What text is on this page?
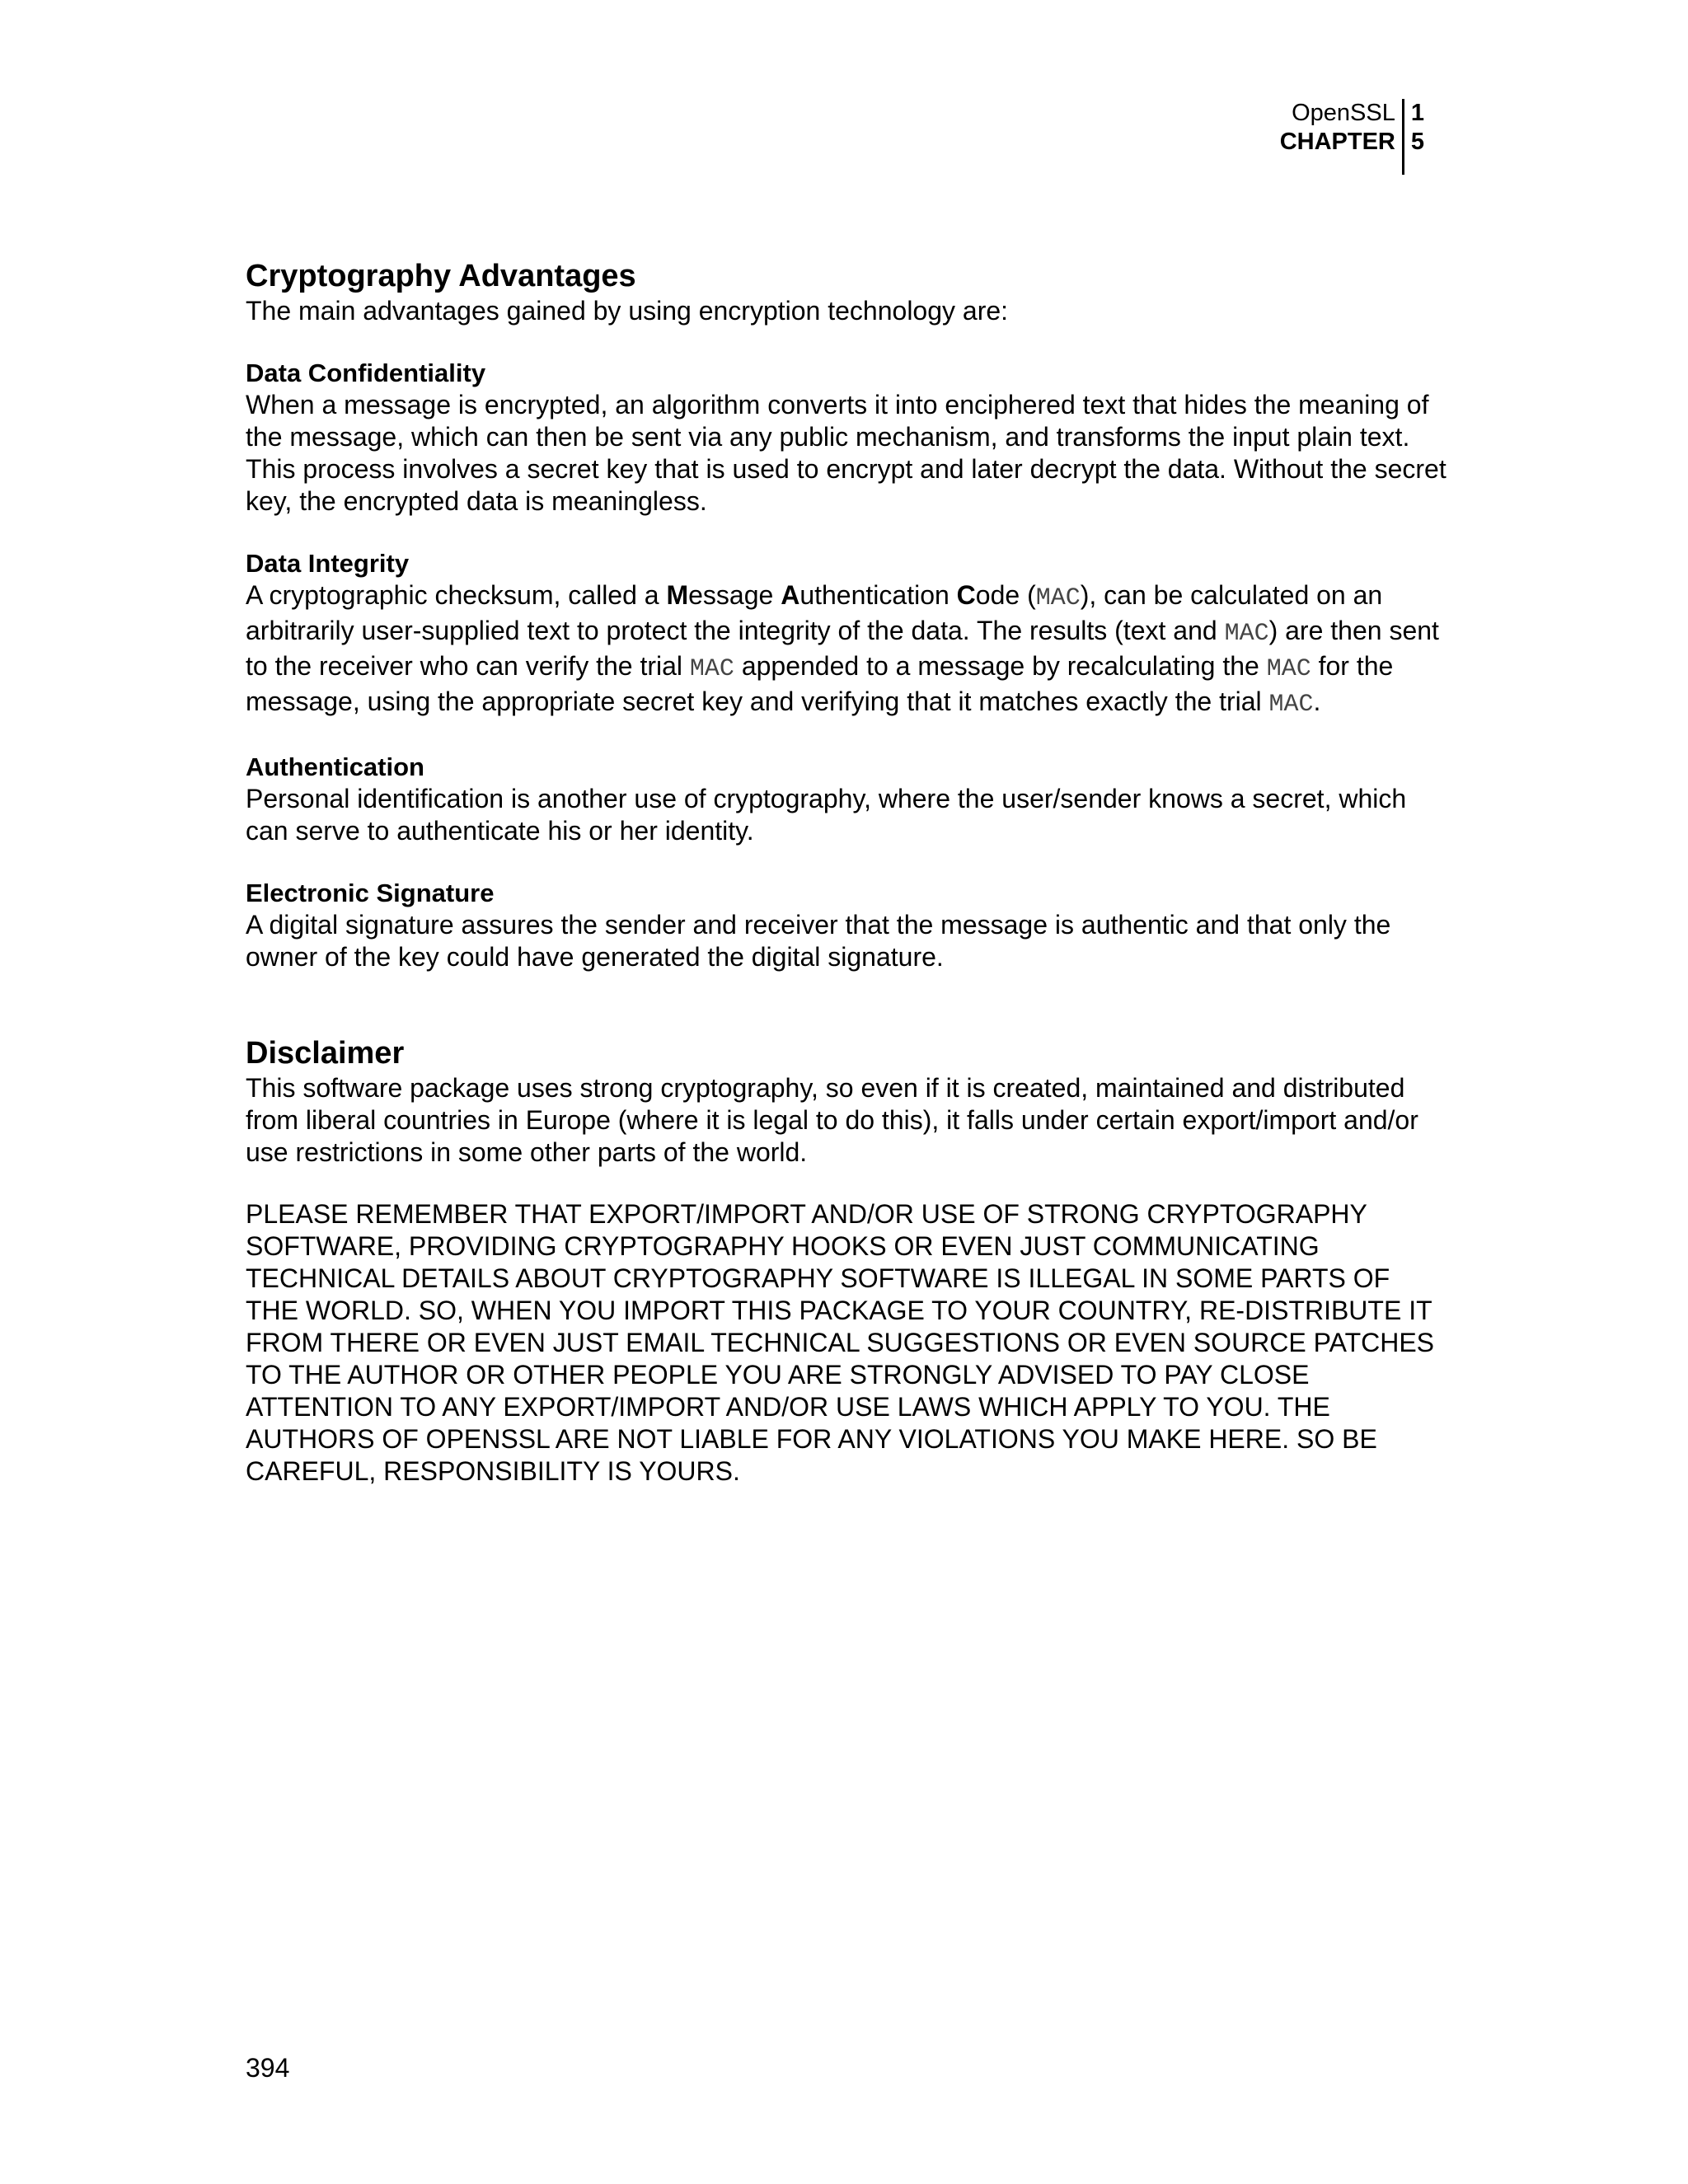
OpenSSL
CHAPTER
1
5
Cryptography Advantages

The main advantages gained by using encryption technology are:

Data Confidentiality

When a message is encrypted, an algorithm converts it into enciphered text that hides the meaning of the message, which can then be sent via any public mechanism, and transforms the input plain text. This process involves a secret key that is used to encrypt and later decrypt the data. Without the secret key, the encrypted data is meaningless.

Data Integrity

A cryptographic checksum, called a Message Authentication Code (MAC), can be calculated on an arbitrarily user-supplied text to protect the integrity of the data. The results (text and MAC) are then sent to the receiver who can verify the trial MAC appended to a message by recalculating the MAC for the message, using the appropriate secret key and verifying that it matches exactly the trial MAC.

Authentication

Personal identification is another use of cryptography, where the user/sender knows a secret, which can serve to authenticate his or her identity.

Electronic Signature

A digital signature assures the sender and receiver that the message is authentic and that only the owner of the key could have generated the digital signature.

Disclaimer

This software package uses strong cryptography, so even if it is created, maintained and distributed from liberal countries in Europe (where it is legal to do this), it falls under certain export/import and/or use restrictions in some other parts of the world.

PLEASE REMEMBER THAT EXPORT/IMPORT AND/OR USE OF STRONG CRYPTOGRAPHY SOFTWARE, PROVIDING CRYPTOGRAPHY HOOKS OR EVEN JUST COMMUNICATING TECHNICAL DETAILS ABOUT CRYPTOGRAPHY SOFTWARE IS ILLEGAL IN SOME PARTS OF THE WORLD. SO, WHEN YOU IMPORT THIS PACKAGE TO YOUR COUNTRY, RE-DISTRIBUTE IT FROM THERE OR EVEN JUST EMAIL TECHNICAL SUGGESTIONS OR EVEN SOURCE PATCHES TO THE AUTHOR OR OTHER PEOPLE YOU ARE STRONGLY ADVISED TO PAY CLOSE ATTENTION TO ANY EXPORT/IMPORT AND/OR USE LAWS WHICH APPLY TO YOU. THE AUTHORS OF OPENSSL ARE NOT LIABLE FOR ANY VIOLATIONS YOU MAKE HERE. SO BE CAREFUL, RESPONSIBILITY IS YOURS.

394
